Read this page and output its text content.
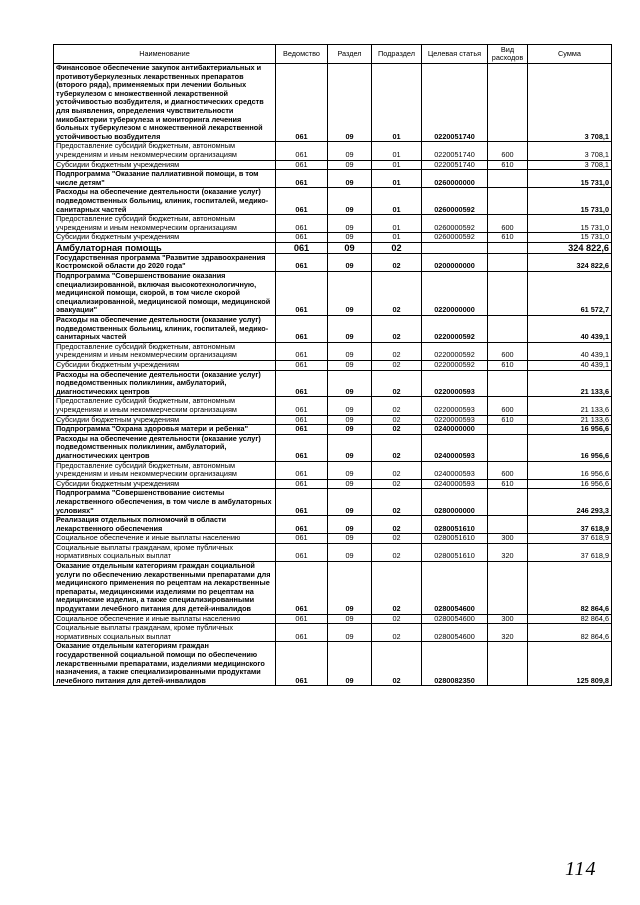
Наименование	Ведомство	Раздел	Подраздел	Целевая статья	Вид расходов	Сумма
Финансовое обеспечение закупок антибактериальных и противотуберкулезных лекарственных препаратов (второго ряда), применяемых при лечении больных туберкулезом с множественной лекарственной устойчивостью возбудителя, и диагностических средств для выявления, определения чувствительности микобактерии туберкулеза и мониторинга лечения больных туберкулезом с множественной лекарственной устойчивостью возбудителя	061	09	01	0220051740		3 708,1
Предоставление субсидий бюджетным, автономным учреждениям и иным некоммерческим организациям	061	09	01	0220051740	600	3 708,1
Субсидии бюджетным учреждениям	061	09	01	0220051740	610	3 708,1
Подпрограмма "Оказание паллиативной помощи, в том числе детям"	061	09	01	0260000000		15 731,0
Расходы на обеспечение деятельности (оказание услуг) подведомственных больниц, клиник, госпиталей, медико-санитарных частей	061	09	01	0260000592		15 731,0
Предоставление субсидий бюджетным, автономным учреждениям и иным некоммерческим организациям	061	09	01	0260000592	600	15 731,0
Субсидии бюджетным учреждениям	061	09	01	0260000592	610	15 731,0
Амбулаторная помощь	061	09	02			324 822,6
Государственная программа "Развитие здравоохранения Костромской области до 2020 года"	061	09	02	0200000000		324 822,6
Подпрограмма "Совершенствование оказания специализированной, включая высокотехнологичную, медицинской помощи, скорой, в том числе скорой специализированной, медицинской помощи, медицинской эвакуации"	061	09	02	0220000000		61 572,7
Расходы на обеспечение деятельности (оказание услуг) подведомственных больниц, клиник, госпиталей, медико-санитарных частей	061	09	02	0220000592		40 439,1
Предоставление субсидий бюджетным, автономным учреждениям и иным некоммерческим организациям	061	09	02	0220000592	600	40 439,1
Субсидии бюджетным учреждениям	061	09	02	0220000592	610	40 439,1
Расходы на обеспечение деятельности (оказание услуг) подведомственных поликлиник, амбулаторий, диагностических центров	061	09	02	0220000593		21 133,6
Предоставление субсидий бюджетным, автономным учреждениям и иным некоммерческим организациям	061	09	02	0220000593	600	21 133,6
Субсидии бюджетным учреждениям	061	09	02	0220000593	610	21 133,6
Подпрограмма "Охрана здоровья матери и ребенка"	061	09	02	0240000000		16 956,6
Расходы на обеспечение деятельности (оказание услуг) подведомственных поликлиник, амбулаторий, диагностических центров	061	09	02	0240000593		16 956,6
Предоставление субсидий бюджетным, автономным учреждениям и иным некоммерческим организациям	061	09	02	0240000593	600	16 956,6
Субсидии бюджетным учреждениям	061	09	02	0240000593	610	16 956,6
Подпрограмма "Совершенствование системы лекарственного обеспечения, в том числе в амбулаторных условиях"	061	09	02	0280000000		246 293,3
Реализация отдельных полномочий в области лекарственного обеспечения	061	09	02	0280051610		37 618,9
Социальное обеспечение и иные выплаты населению	061	09	02	0280051610	300	37 618,9
Социальные выплаты гражданам, кроме публичных нормативных социальных выплат	061	09	02	0280051610	320	37 618,9
Оказание отдельным категориям граждан социальной услуги по обеспечению лекарственными препаратами для медицинского применения по рецептам на лекарственные препараты, медицинскими изделиями по рецептам на медицинские изделия, а также специализированными продуктами лечебного питания для детей-инвалидов	061	09	02	0280054600		82 864,6
Социальное обеспечение и иные выплаты населению	061	09	02	0280054600	300	82 864,6
Социальные выплаты гражданам, кроме публичных нормативных социальных выплат	061	09	02	0280054600	320	82 864,6
Оказание отдельным категориям граждан государственной социальной помощи по обеспечению лекарственными препаратами, изделиями медицинского назначения, а также специализированными продуктами лечебного питания для детей-инвалидов	061	09	02	0280082350		125 809,8
114
